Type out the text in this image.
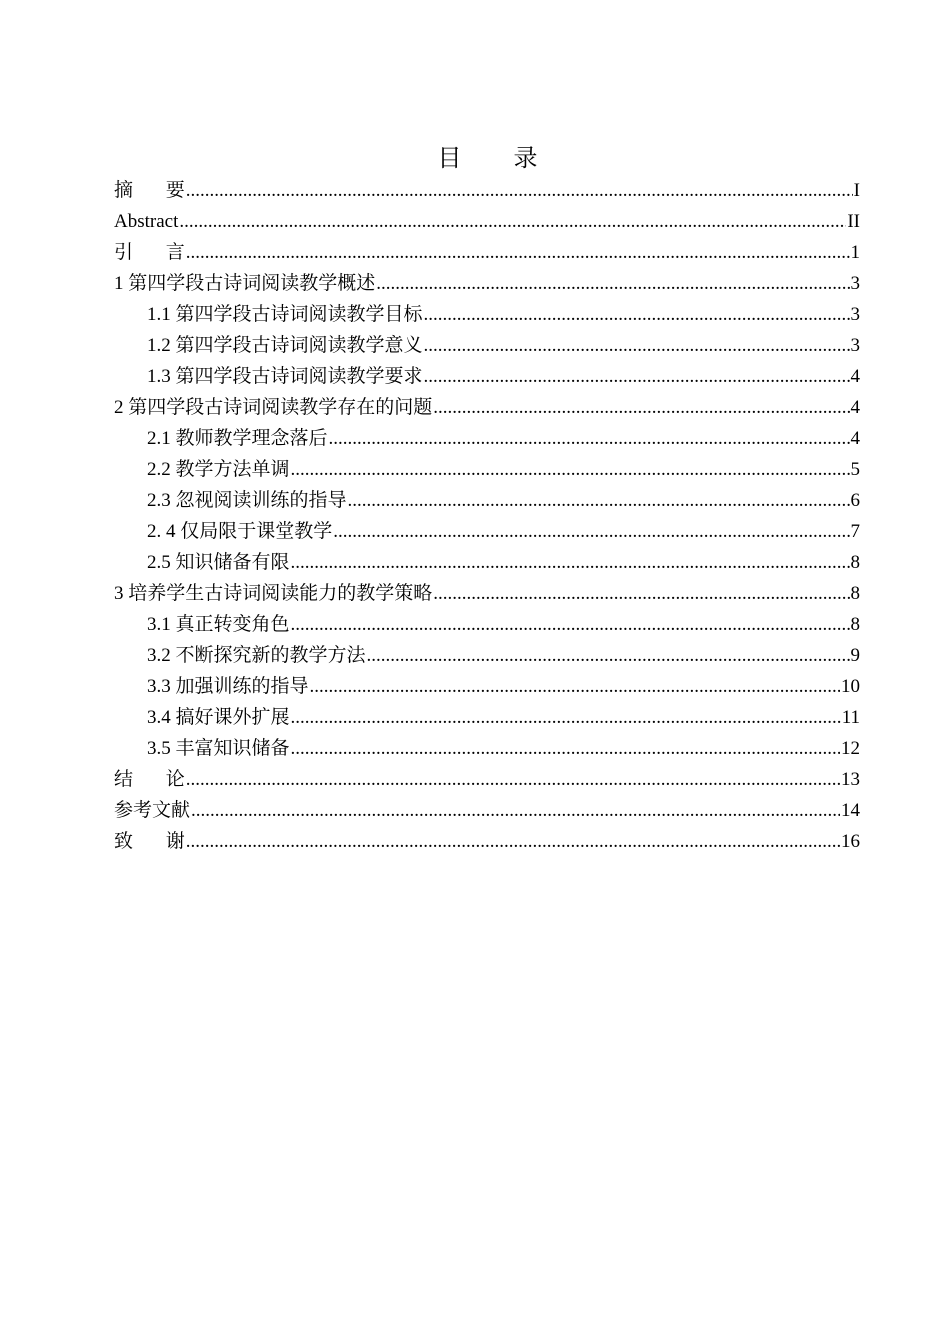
目 录
摘 要 .....	I
Abstract .....	II
引 言 .....	1
1 第四学段古诗词阅读教学概述 .....	3
1.1 第四学段古诗词阅读教学目标 .....	3
1.2 第四学段古诗词阅读教学意义 .....	3
1.3 第四学段古诗词阅读教学要求 .....	4
2 第四学段古诗词阅读教学存在的问题 .....	4
2.1 教师教学理念落后 .....	4
2.2 教学方法单调 .....	5
2.3 忽视阅读训练的指导 .....	6
2. 4 仅局限于课堂教学 .....	7
2.5 知识储备有限 .....	8
3 培养学生古诗词阅读能力的教学策略 .....	8
3.1 真正转变角色 .....	8
3.2 不断探究新的教学方法 .....	9
3.3 加强训练的指导 .....	10
3.4 搞好课外扩展 .....	11
3.5 丰富知识储备 .....	12
结 论 .....	13
参考文献 .....	14
致 谢 .....	16
